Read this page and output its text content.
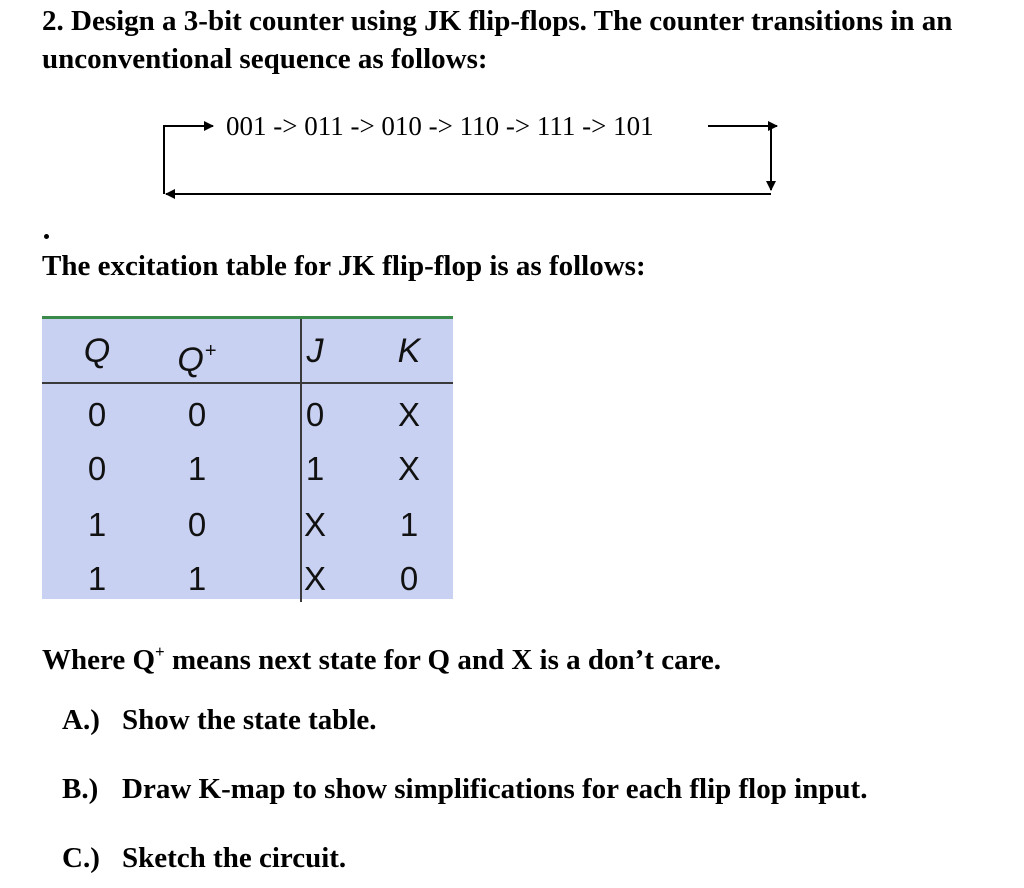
2. Design a 3-bit counter using JK flip-flops. The counter transitions in an unconventional sequence as follows:
001 -> 011 -> 010 -> 110 -> 111 -> 101

The excitation table for JK flip-flop is as follows:

Q	Q+	J	K
0	0	0	X
0	1	1	X
1	0	X	1
1	1	X	0

Where Q+ means next state for Q and X is a don’t care.

A.) Show the state table.

B.) Draw K-map to show simplifications for each flip flop input.

C.) Sketch the circuit.
